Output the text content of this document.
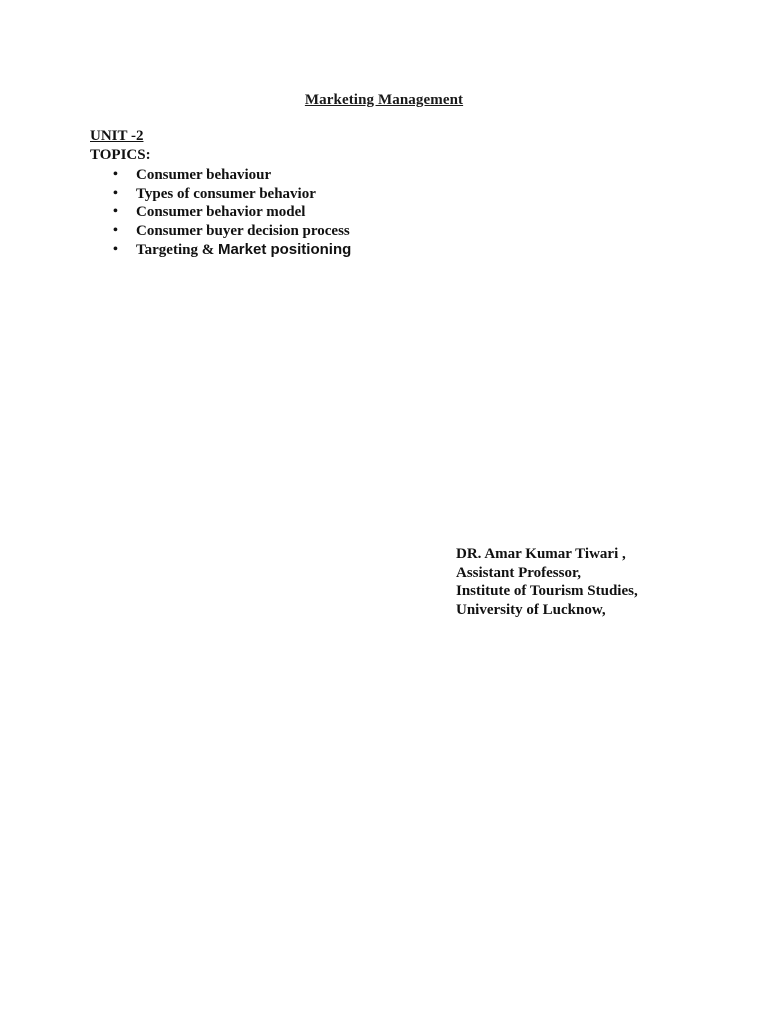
Marketing Management
UNIT -2
TOPICS:
• Consumer behaviour
• Types of consumer behavior
• Consumer behavior model
• Consumer buyer decision process
• Targeting & Market positioning
DR. Amar Kumar Tiwari ,
Assistant Professor,
Institute of Tourism Studies,
University of Lucknow,
